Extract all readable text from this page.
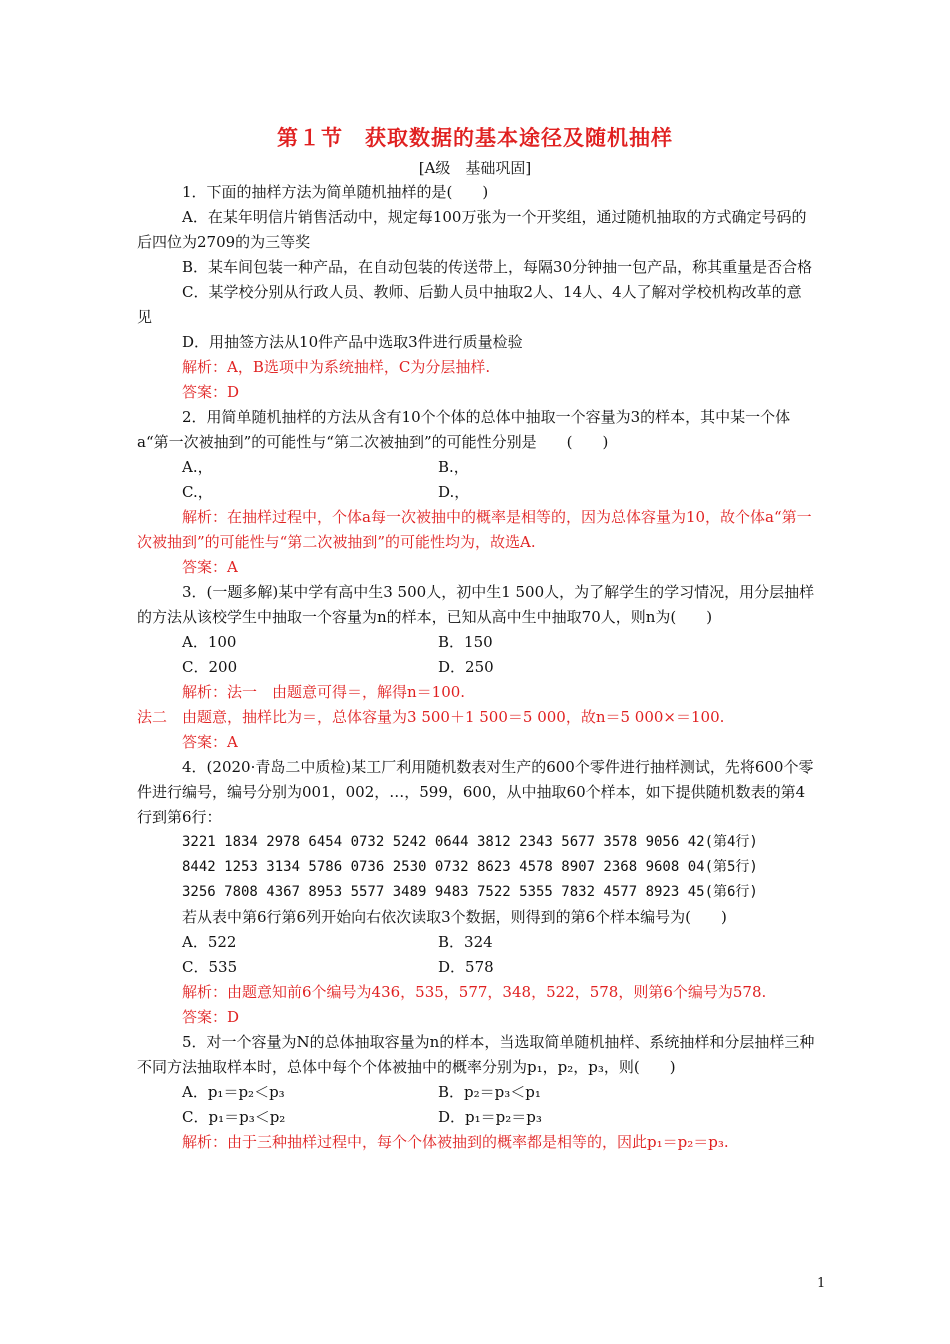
第１节　获取数据的基本途径及随机抽样
[A级　基础巩固]

1．下面的抽样方法为简单随机抽样的是(　　)

A．在某年明信片销售活动中，规定每100万张为一个开奖组，通过随机抽取的方式确定号码的后四位为2709的为三等奖

B．某车间包装一种产品，在自动包装的传送带上，每隔30分钟抽一包产品，称其重量是否合格

C．某学校分别从行政人员、教师、后勤人员中抽取2人、14人、4人了解对学校机构改革的意见

D．用抽签方法从10件产品中选取3件进行质量检验

解析：A，B选项中为系统抽样，C为分层抽样.

答案：D

2．用简单随机抽样的方法从含有10个个体的总体中抽取一个容量为3的样本，其中某一个体a“第一次被抽到”的可能性与“第二次被抽到”的可能性分别是　　(　　)

A.，	B.，
C.，	D.，

解析：在抽样过程中，个体a每一次被抽中的概率是相等的，因为总体容量为10，故个体a“第一次被抽到”的可能性与“第二次被抽到”的可能性均为，故选A.

答案：A

3．(一题多解)某中学有高中生3 500人，初中生1 500人，为了解学生的学习情况，用分层抽样的方法从该校学生中抽取一个容量为n的样本，已知从高中生中抽取70人，则n为(　　)

A．100	B．150
C．200	D．250

解析：法一　由题意可得＝，解得n＝100.

法二　由题意，抽样比为＝，总体容量为3 500＋1 500＝5 000，故n＝5 000×＝100.

答案：A

4．(2020·青岛二中质检)某工厂利用随机数表对生产的600个零件进行抽样测试，先将600个零件进行编号，编号分别为001，002，…，599，600，从中抽取60个样本，如下提供随机数表的第4行到第6行：

3221 1834 2978 6454 0732 5242 0644 3812 2343 5677 3578 9056 42(第4行)

8442 1253 3134 5786 0736 2530 0732 8623 4578 8907 2368 9608 04(第5行)

3256 7808 4367 8953 5577 3489 9483 7522 5355 7832 4577 8923 45(第6行)

若从表中第6行第6列开始向右依次读取3个数据，则得到的第6个样本编号为(　　)

A．522	B．324
C．535	D．578

解析：由题意知前6个编号为436，535，577，348，522，578，则第6个编号为578.

答案：D

5．对一个容量为N的总体抽取容量为n的样本，当选取简单随机抽样、系统抽样和分层抽样三种不同方法抽取样本时，总体中每个个体被抽中的概率分别为p₁，p₂，p₃，则(　　)

A．p₁＝p₂＜p₃	B．p₂＝p₃＜p₁
C．p₁＝p₃＜p₂	D．p₁＝p₂＝p₃

解析：由于三种抽样过程中，每个个体被抽到的概率都是相等的，因此p₁＝p₂＝p₃.

1
